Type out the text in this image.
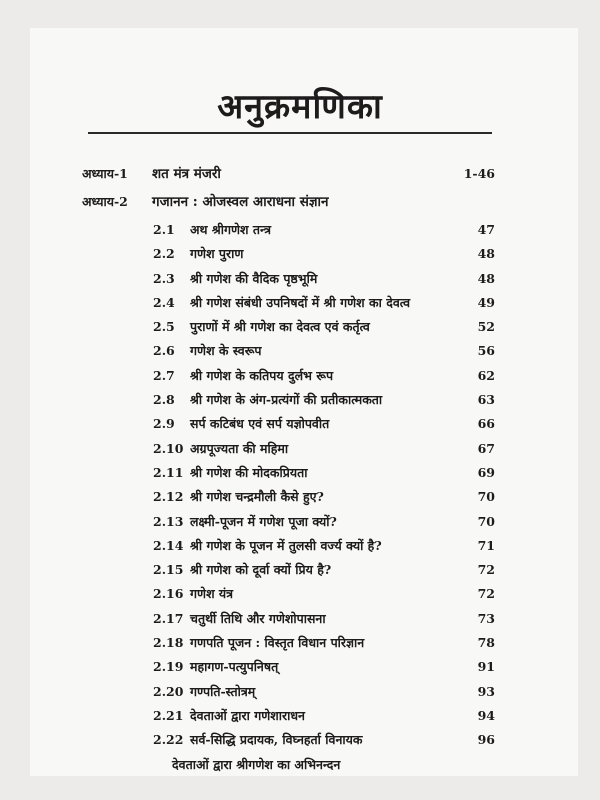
अनुक्रमणिका
अध्याय-1 शत मंत्र मंजरी	1-46
अध्याय-2 गजानन : ओजस्वल आराधना संज्ञान
2.1 अथ श्रीगणेश तन्त्र	47
2.2 गणेश पुराण	48
2.3 श्री गणेश की वैदिक पृष्ठभूमि	48
2.4 श्री गणेश संबंधी उपनिषदों में श्री गणेश का देवत्व	49
2.5 पुराणों में श्री गणेश का देवत्व एवं कर्तृत्व	52
2.6 गणेश के स्वरूप	56
2.7 श्री गणेश के कतिपय दुर्लभ रूप	62
2.8 श्री गणेश के अंग-प्रत्यंगों की प्रतीकात्मकता	63
2.9 सर्प कटिबंध एवं सर्प यज्ञोपवीत	66
2.10 अग्रपूज्यता की महिमा	67
2.11 श्री गणेश की मोदकप्रियता	69
2.12 श्री गणेश चन्द्रमौली कैसे हुए?	70
2.13 लक्ष्मी-पूजन में गणेश पूजा क्यों?	70
2.14 श्री गणेश के पूजन में तुलसी वर्ज्य क्यों है?	71
2.15 श्री गणेश को दूर्वा क्यों प्रिय है?	72
2.16 गणेश यंत्र	72
2.17 चतुर्थी तिथि और गणेशोपासना	73
2.18 गणपति पूजन : विस्तृत विधान परिज्ञान	78
2.19 महागण-पत्युपनिषत्	91
2.20 गण्पति-स्तोत्रम्	93
2.21 देवताओं द्वारा गणेशाराधन	94
2.22 सर्व-सिद्धि प्रदायक, विघ्नहर्ता विनायक	96
देवताओं द्वारा श्रीगणेश का अभिनन्दन
